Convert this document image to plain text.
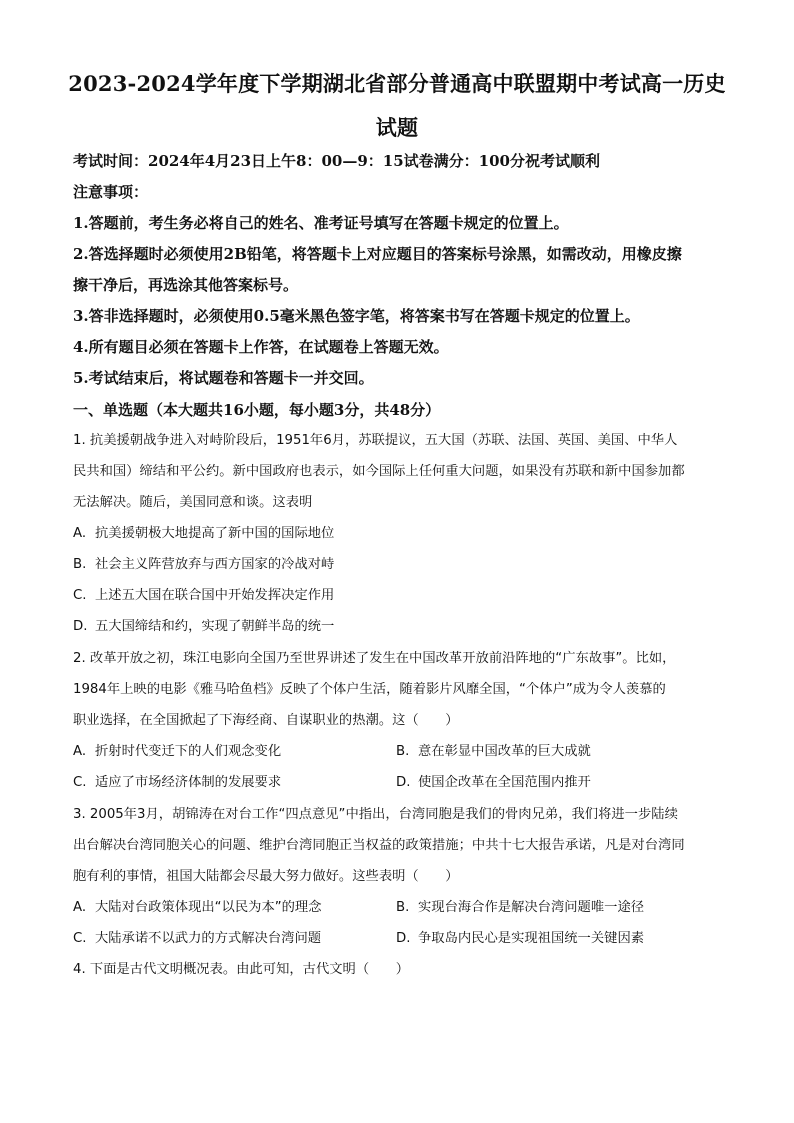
2023-2024学年度下学期湖北省部分普通高中联盟期中考试高一历史
试题
考试时间：2024年4月23日上午8：00—9：15试卷满分：100分祝考试顺利
注意事项：
1.答题前，考生务必将自己的姓名、准考证号填写在答题卡规定的位置上。
2.答选择题时必须使用2B铅笔，将答题卡上对应题目的答案标号涂黑，如需改动，用橡皮擦
擦干净后，再选涂其他答案标号。
3.答非选择题时，必须使用0.5毫米黑色签字笔，将答案书写在答题卡规定的位置上。
4.所有题目必须在答题卡上作答，在试题卷上答题无效。
5.考试结束后，将试题卷和答题卡一并交回。
一、单选题（本大题共16小题，每小题3分，共48分）
1. 抗美援朝战争进入对峙阶段后，1951年6月，苏联提议，五大国（苏联、法国、英国、美国、中华人
民共和国）缔结和平公约。新中国政府也表示，如今国际上任何重大问题，如果没有苏联和新中国参加都
无法解决。随后，美国同意和谈。这表明
A. 抗美援朝极大地提高了新中国的国际地位
B. 社会主义阵营放弃与西方国家的冷战对峙
C. 上述五大国在联合国中开始发挥决定作用
D. 五大国缔结和约，实现了朝鲜半岛的统一
2. 改革开放之初，珠江电影向全国乃至世界讲述了发生在中国改革开放前沿阵地的“广东故事”。比如，
1984年上映的电影《雅马哈鱼档》反映了个体户生活，随着影片风靡全国，“个体户”成为令人羡慕的
职业选择，在全国掀起了下海经商、自谋职业的热潮。这（　　）
A. 折射时代变迁下的人们观念变化	B. 意在彰显中国改革的巨大成就
C. 适应了市场经济体制的发展要求	D. 使国企改革在全国范围内推开
3. 2005年3月，胡锦涛在对台工作“四点意见”中指出，台湾同胞是我们的骨肉兄弟，我们将进一步陆续
出台解决台湾同胞关心的问题、维护台湾同胞正当权益的政策措施；中共十七大报告承诺，凡是对台湾同
胞有利的事情，祖国大陆都会尽最大努力做好。这些表明（　　）
A. 大陆对台政策体现出“以民为本”的理念	B. 实现台海合作是解决台湾问题唯一途径
C. 大陆承诺不以武力的方式解决台湾问题	D. 争取岛内民心是实现祖国统一关键因素
4. 下面是古代文明概况表。由此可知，古代文明（　　）
